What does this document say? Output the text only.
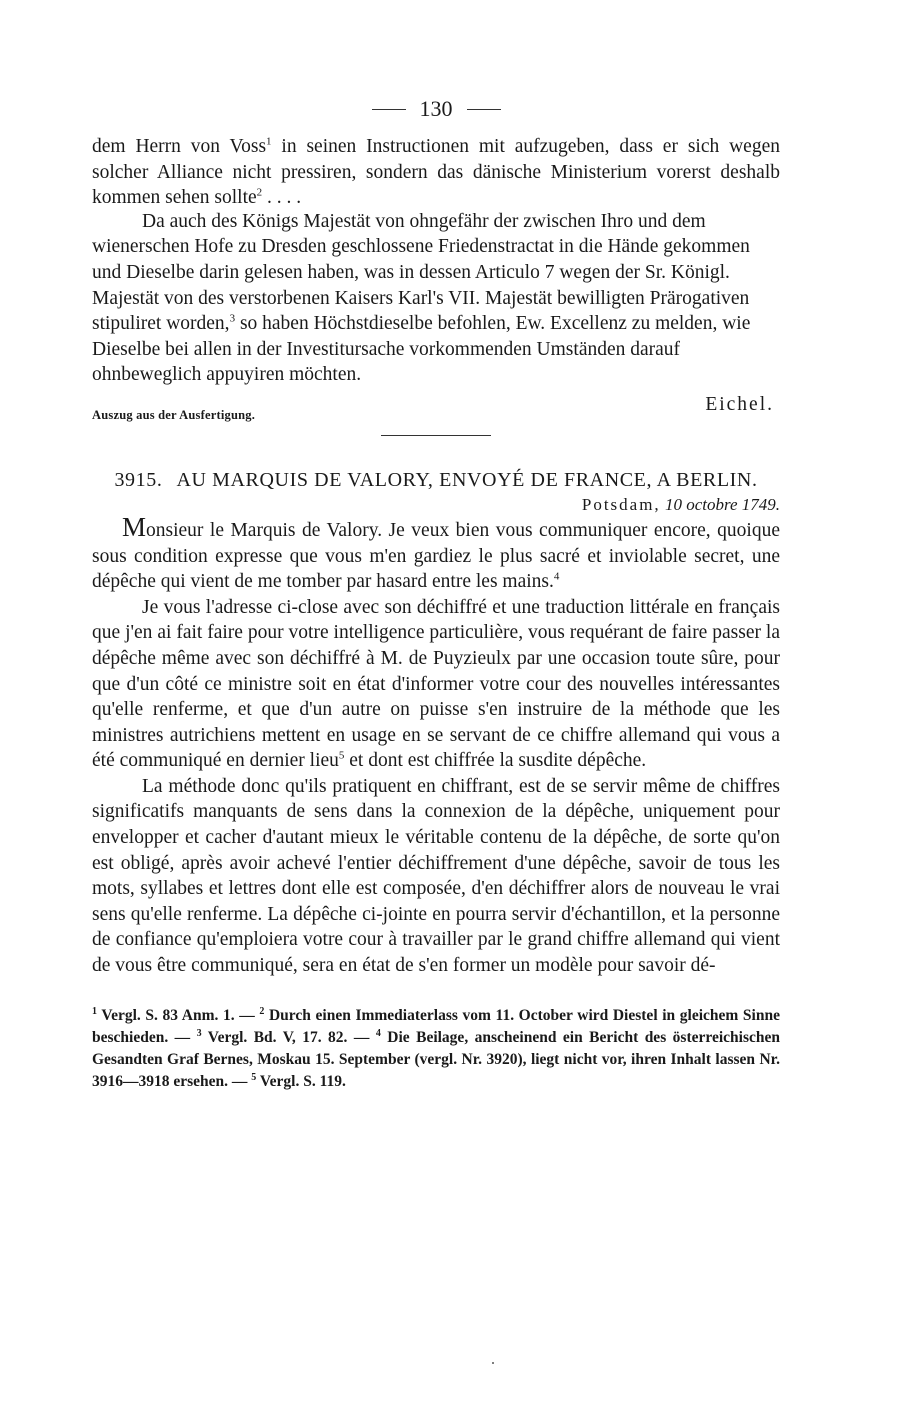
130

dem Herrn von Voss$^1$ in seinen Instructionen mit aufzugeben, dass er sich wegen solcher Alliance nicht pressiren, sondern das dänische Ministerium vorerst deshalb kommen sehen sollte$^2$ . . . .

Da auch des Königs Majestät von ohngefähr der zwischen Ihro und dem wienerschen Hofe zu Dresden geschlossene Friedenstractat in die Hände gekommen und Dieselbe darin gelesen haben, was in dessen Articulo 7 wegen der Sr. Königl. Majestät von des verstorbenen Kaisers Karl's VII. Majestät bewilligten Prärogativen stipuliret worden,$^3$ so haben Höchstdieselbe befohlen, Ew. Excellenz zu melden, wie Dieselbe bei allen in der Investitursache vorkommenden Umständen darauf ohnbeweglich appuyiren möchten.

Eichel.
Auszug aus der Ausfertigung.
3915. AU MARQUIS DE VALORY, ENVOYÉ DE FRANCE, A BERLIN.
Potsdam, 10 octobre 1749.

Monsieur le Marquis de Valory. Je veux bien vous communiquer encore, quoique sous condition expresse que vous m'en gardiez le plus sacré et inviolable secret, une dépêche qui vient de me tomber par hasard entre les mains.$^4$

Je vous l'adresse ci-close avec son déchiffré et une traduction littérale en français que j'en ai fait faire pour votre intelligence particulière, vous requérant de faire passer la dépêche même avec son déchiffré à M. de Puyzieulx par une occasion toute sûre, pour que d'un côté ce ministre soit en état d'informer votre cour des nouvelles intéressantes qu'elle renferme, et que d'un autre on puisse s'en instruire de la méthode que les ministres autrichiens mettent en usage en se servant de ce chiffre allemand qui vous a été communiqué en dernier lieu$^5$ et dont est chiffrée la susdite dépêche.

La méthode donc qu'ils pratiquent en chiffrant, est de se servir même de chiffres significatifs manquants de sens dans la connexion de la dépêche, uniquement pour envelopper et cacher d'autant mieux le véritable contenu de la dépêche, de sorte qu'on est obligé, après avoir achevé l'entier déchiffrement d'une dépêche, savoir de tous les mots, syllabes et lettres dont elle est composée, d'en déchiffrer alors de nouveau le vrai sens qu'elle renferme. La dépêche ci-jointe en pourra servir d'échantillon, et la personne de confiance qu'emploiera votre cour à travailler par le grand chiffre allemand qui vient de vous être communiqué, sera en état de s'en former un modèle pour savoir dé-

$^1$ Vergl. S. 83 Anm. 1. — $^2$ Durch einen Immediaterlass vom 11. October wird Diestel in gleichem Sinne beschieden. — $^3$ Vergl. Bd. V, 17. 82. — $^4$ Die Beilage, anscheinend ein Bericht des österreichischen Gesandten Graf Bernes, Moskau 15. September (vergl. Nr. 3920), liegt nicht vor, ihren Inhalt lassen Nr. 3916—3918 ersehen. — $^5$ Vergl. S. 119.
